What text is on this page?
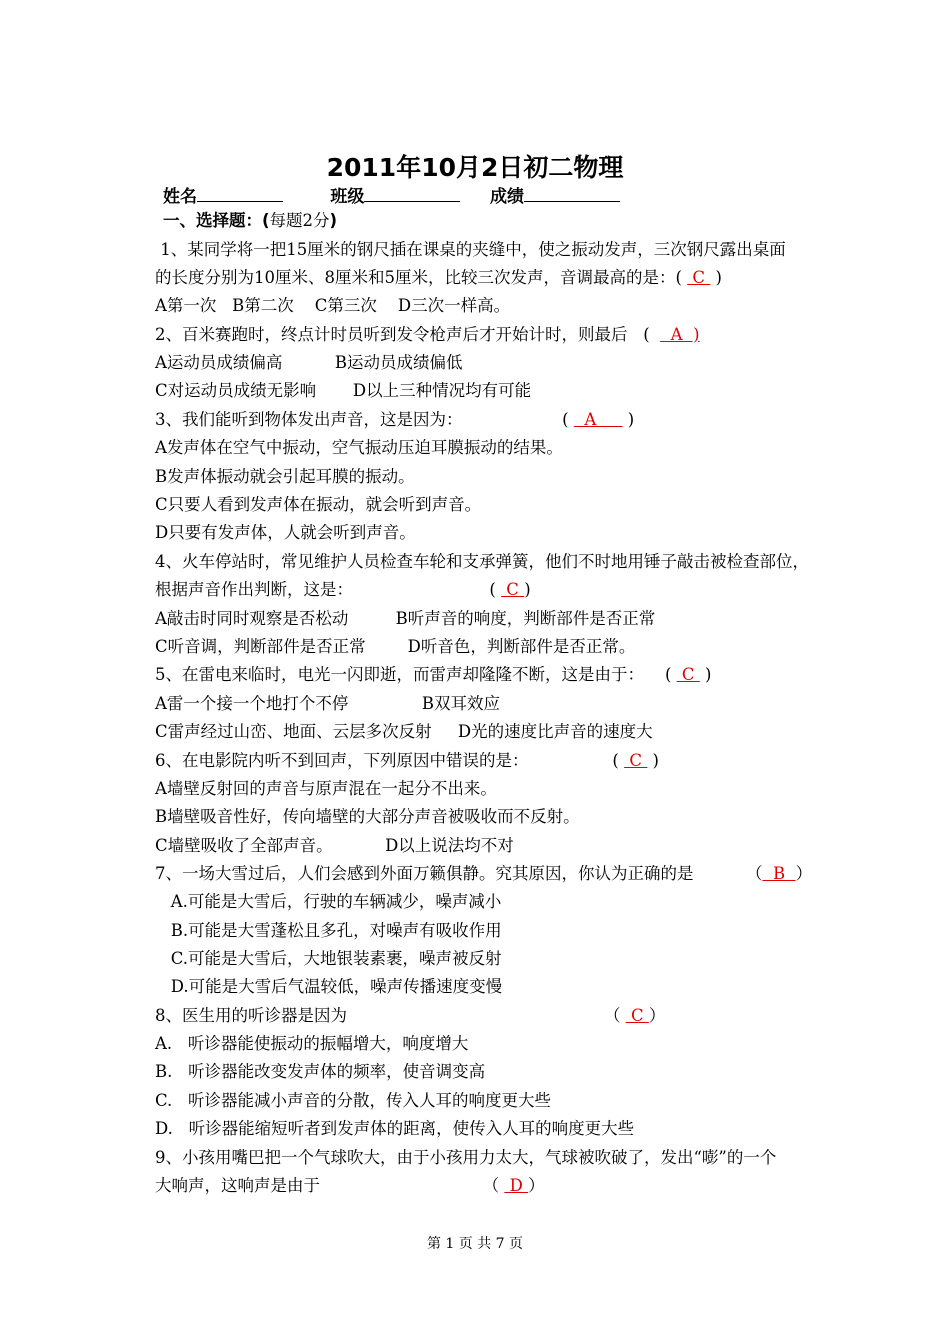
2011年10月2日初二物理
姓名	班级	成绩
一、选择题：(每题2分)
1、某同学将一把15厘米的钢尺插在课桌的夹缝中，使之振动发声，三次钢尺露出桌面
的长度分别为10厘米、8厘米和5厘米，比较三次发声，音调最高的是：(  C  )
A第一次   B第二次    C第三次    D三次一样高。
2、百米赛跑时，终点计时员听到发令枪声后才开始计时，则最后   (    A  )
A运动员成绩偏高          B运动员成绩偏低
C对运动员成绩无影响       D以上三种情况均有可能
3、我们能听到物体发出声音，这是因为：                   (   A      )
A发声体在空气中振动，空气振动压迫耳膜振动的结果。
B发声体振动就会引起耳膜的振动。
C只要人看到发声体在振动，就会听到声音。
D只要有发声体，人就会听到声音。
4、火车停站时，常见维护人员检查车轮和支承弹簧，他们不时地用锤子敲击被检查部位，
根据声音作出判断，这是：                          (  C )
A敲击时同时观察是否松动         B听声音的响度，判断部件是否正常
C听音调，判断部件是否正常        D听音色，判断部件是否正常。
5、在雷电来临时，电光一闪即逝，而雷声却隆隆不断，这是由于：    (  C  )
A雷一个接一个地打个不停              B双耳效应
C雷声经过山峦、地面、云层多次反射     D光的速度比声音的速度大
6、在电影院内听不到回声，下列原因中错误的是：                (  C  )
A墙壁反射回的声音与原声混在一起分不出来。
B墙壁吸音性好，传向墙壁的大部分声音被吸收而不反射。
C墙壁吸收了全部声音。          D以上说法均不对
7、一场大雪过后，人们会感到外面万籁俱静。究其原因，你认为正确的是          （  B  ）
A.可能是大雪后，行驶的车辆减少，噪声减小
B.可能是大雪蓬松且多孔，对噪声有吸收作用
C.可能是大雪后，大地银装素裹，噪声被反射
D.可能是大雪后气温较低，噪声传播速度变慢
8、医生用的听诊器是因为                                                 （  C ）
A.   听诊器能使振动的振幅增大，响度增大
B.   听诊器能改变发声体的频率，使音调变高
C.   听诊器能减小声音的分散，传入人耳的响度更大些
D.   听诊器能缩短听者到发声体的距离，使传入人耳的响度更大些
9、小孩用嘴巴把一个气球吹大，由于小孩用力太大，气球被吹破了，发出“嘭”的一个
大响声，这响声是由于                               （  D ）
第 1 页 共 7 页
